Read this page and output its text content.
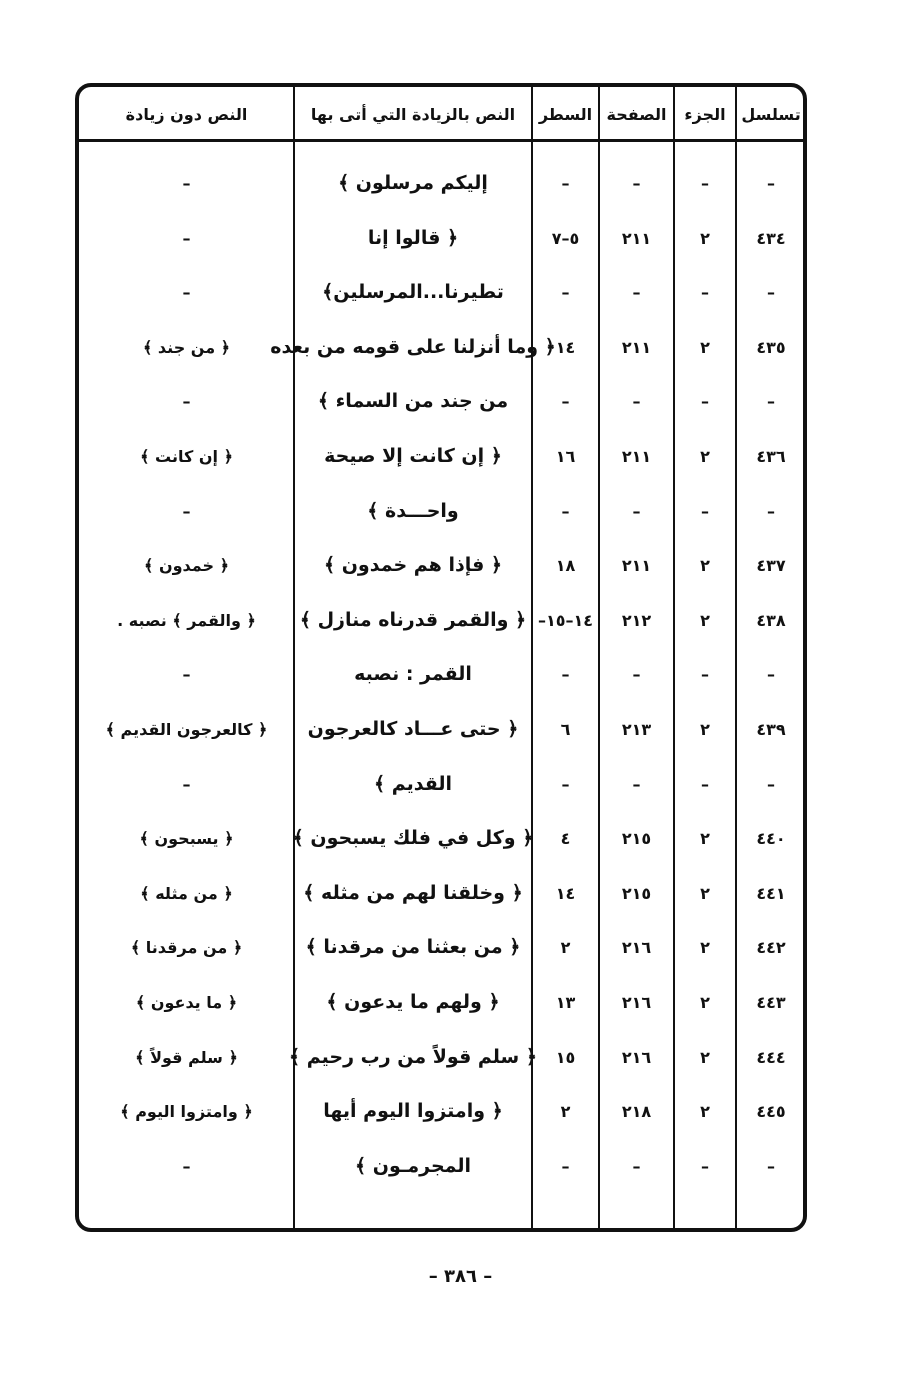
تسلسل
الجزء
الصفحة
السطر
النص بالزيادة التي أتى بها
النص دون زيادة
–
–
–
–
إليكم مرسلون ﴾
–
٤٣٤
٢
٢١١
٥–٧
﴿ قالوا إنا
–
–
–
–
–
تطيرنا...المرسلين﴾
–
٤٣٥
٢
٢١١
١٤
﴿ وما أنزلنا على قومه من بعده
﴿ من جند ﴾
–
–
–
–
من جند من السماء ﴾
–
٤٣٦
٢
٢١١
١٦
﴿ إن كانت إلا صيحة
﴿ إن كانت ﴾
–
–
–
–
واحـــدة ﴾
–
٤٣٧
٢
٢١١
١٨
﴿ فإذا هم خمدون ﴾
﴿ خمدون ﴾
٤٣٨
٢
٢١٢
١٤–١٥–
﴿ والقمر قدرناه منازل ﴾
﴿ والقمر ﴾ نصبه .
–
–
–
–
القمر : نصبه
–
٤٣٩
٢
٢١٣
٦
﴿ حتى عـــاد كالعرجون
﴿ كالعرجون القديم ﴾
–
–
–
–
القديم ﴾
–
٤٤٠
٢
٢١٥
٤
﴿ وكل في فلك يسبحون ﴾
﴿ يسبحون ﴾
٤٤١
٢
٢١٥
١٤
﴿ وخلقنا لهم من مثله ﴾
﴿ من مثله ﴾
٤٤٢
٢
٢١٦
٢
﴿ من بعثنا من مرقدنا ﴾
﴿ من مرقدنا ﴾
٤٤٣
٢
٢١٦
١٣
﴿ ولهم ما يدعون ﴾
﴿ ما يدعون ﴾
٤٤٤
٢
٢١٦
١٥
﴿ سلم قولاً من رب رحيم ﴾
﴿ سلم قولاً ﴾
٤٤٥
٢
٢١٨
٢
﴿ وامتزوا اليوم أيها
﴿ وامتزوا اليوم ﴾
–
–
–
–
المجرمـون ﴾
–
– ٣٨٦ –
